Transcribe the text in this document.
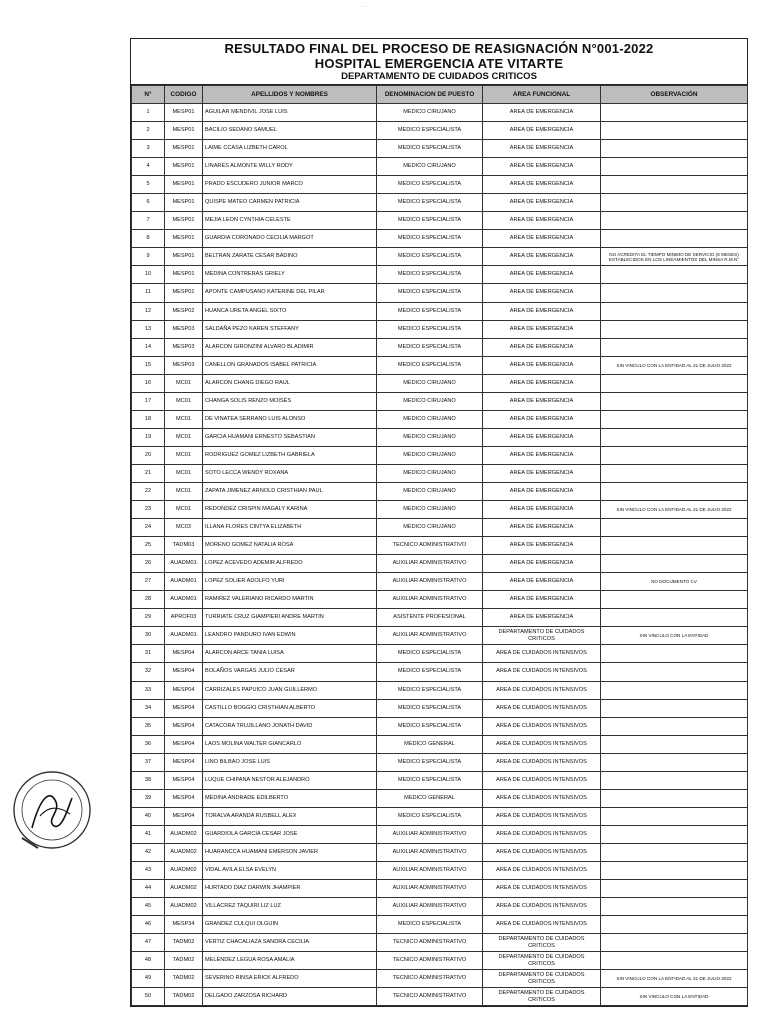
·····
RESULTADO FINAL DEL PROCESO DE REASIGNACIÓN N°001-2022
HOSPITAL EMERGENCIA ATE VITARTE
DEPARTAMENTO DE CUIDADOS CRITICOS
N°	CODIGO	APELLIDOS Y NOMBRES	DENOMINACION DE PUESTO	AREA FUNCIONAL	OBSERVACIÓN
1	MESP01	AGUILAR MENDIVIL JOSE LUIS	MEDICO CIRUJANO	AREA DE EMERGENCIA	
2	MESP01	BACILIO SEDANO SAMUEL	MEDICO ESPECIALISTA	AREA DE EMERGENCIA	
3	MESP01	LAIME CCASA LIZBETH CAROL	MEDICO ESPECIALISTA	AREA DE EMERGENCIA	
4	MESP01	LINARES ALMONTE WILLY RODY	MEDICO CIRUJANO	AREA DE EMERGENCIA	
5	MESP01	PRADO ESCUDERO JUNIOR MARCO	MEDICO ESPECIALISTA	AREA DE EMERGENCIA	
6	MESP01	QUISPE MATEO CARMEN PATRICIA	MEDICO ESPECIALISTA	AREA DE EMERGENCIA	
7	MESP01	MEJIA LEON CYNTHIA CELESTE	MEDICO ESPECIALISTA	AREA DE EMERGENCIA	
8	MESP01	GUARDIA CORONADO CECILIA MARGOT	MEDICO ESPECIALISTA	AREA DE EMERGENCIA	
9	MESP01	BELTRAN ZARATE CESAR BADINO	MEDICO ESPECIALISTA	AREA DE EMERGENCIA	NO ACREDITA EL TIEMPO MINIMO DE SERVICIO (6 MESES) ESTABLECIDOS EN LOS LINEAMIENTOS DEL MINSA R.M.N°
10	MESP01	MEDINA CONTRERAS GRIELY	MEDICO ESPECIALISTA	AREA DE EMERGENCIA	
11	MESP01	APONTE CAMPUSANO KATERINE DEL PILAR	MEDICO ESPECIALISTA	AREA DE EMERGENCIA	
12	MESP02	HUANCA URETA ANGEL SIXTO	MEDICO ESPECIALISTA	AREA DE EMERGENCIA	
13	MESP03	SALDAÑA PEZO KAREN STEFFANY	MEDICO ESPECIALISTA	AREA DE EMERGENCIA	
14	MESP03	ALARCON GIRONZINI ALVARO BLADIMIR	MEDICO ESPECIALISTA	AREA DE EMERGENCIA	
15	MESP03	CANELLON GRANADOS ISABEL PATRICIA	MEDICO ESPECIALISTA	AREA DE EMERGENCIA	SIN VINCULO CON LA ENTIDAD AL 31 DE JULIO 2022
16	MC01	ALARCON CHANG DIEGO RAUL	MEDICO CIRUJANO	AREA DE EMERGENCIA	
17	MC01	CHANGA SOLIS RENZO MOISÉS	MEDICO CIRUJANO	AREA DE EMERGENCIA	
18	MC01	DE VINATEA SERRANO LUIS ALONSO	MEDICO CIRUJANO	AREA DE EMERGENCIA	
19	MC01	GARCIA HUAMANI ERNESTO SEBASTIAN	MEDICO CIRUJANO	AREA DE EMERGENCIA	
20	MC01	RODRIGUEZ GOMEZ LIZBETH GABRIELA	MEDICO CIRUJANO	AREA DE EMERGENCIA	
21	MC01	SOTO LECCA WENDY ROXANA	MEDICO CIRUJANO	AREA DE EMERGENCIA	
22	MC01	ZAPATA JIMENEZ ARNOLD CRISTHIAN PAUL	MEDICO CIRUJANO	AREA DE EMERGENCIA	
23	MC01	REDONDEZ CRISPIN MAGALY KARINA	MEDICO CIRUJANO	AREA DE EMERGENCIA	SIN VINCULO CON LA ENTIDAD AL 31 DE JULIO 2022
24	MC03	ILLANA FLORES CINTYA ELIZABETH	MEDICO CIRUJANO	AREA DE EMERGENCIA	
25	TADM03	MORENO GOMEZ NATALIA ROSA	TECNICO ADMINISTRATIVO	AREA DE EMERGENCIA	
26	AUADM01	LOPEZ ACEVEDO ADEMIR ALFREDO	AUXILIAR ADMINISTRATIVO	AREA DE EMERGENCIA	
27	AUADM01	LOPEZ SOLIER ADOLFO YURI	AUXILIAR ADMINISTRATIVO	AREA DE EMERGENCIA	NO DOCUMENTO CV
28	AUADM01	RAMIREZ VALERIANO RICARDO MARTIN	AUXILIAR ADMINISTRATIVO	AREA DE EMERGENCIA	
29	APROF03	TURRIATE CRUZ GIAMPIERI ANDRE MARTIN	ASISTENTE PROFESIONAL	AREA DE EMERGENCIA	
30	AUADM01	LEANDRO PANDURO IVAN EDWIN	AUXILIAR ADMINISTRATIVO	DEPARTAMENTO DE CUIDADOS CRITICOS	SIN VINCULO CON LA ENTIDAD
31	MESP04	ALARCON ARCE TANIA LUISA	MEDICO ESPECIALISTA	AREA DE CUIDADOS INTENSIVOS	
32	MESP04	BOLAÑOS VARGAS JULIO CESAR	MEDICO ESPECIALISTA	AREA DE CUIDADOS INTENSIVOS	
33	MESP04	CARRIZALES PAPUICO JUAN GUILLERMO	MEDICO ESPECIALISTA	AREA DE CUIDADOS INTENSIVOS	
34	MESP04	CASTILLO BOGGIO CRISTHIAN ALBERTO	MEDICO ESPECIALISTA	AREA DE CUIDADOS INTENSIVOS	
35	MESP04	CATACORA TRUJILLANO JONATH DAVID	MEDICO ESPECIALISTA	AREA DE CUIDADOS INTENSIVOS	
36	MESP04	LAOS MOLINA WALTER GIANCARLO	MEDICO GENERAL	AREA DE CUIDADOS INTENSIVOS	
37	MESP04	LINO BILBAO JOSE LUIS	MEDICO ESPECIALISTA	AREA DE CUIDADOS INTENSIVOS	
38	MESP04	LUQUE CHIPANA NESTOR ALEJANDRO	MEDICO ESPECIALISTA	AREA DE CUIDADOS INTENSIVOS	
39	MESP04	MEDINA ANDRADE EDILBERTO	MEDICO GENERAL	AREA DE CUIDADOS INTENSIVOS	
40	MESP04	TORALVA ARANDA RUSBELL ALEX	MEDICO ESPECIALISTA	AREA DE CUIDADOS INTENSIVOS	
41	AUADM02	GUARDIOLA GARCIA CESAR JOSE	AUXILIAR ADMINISTRATIVO	AREA DE CUIDADOS INTENSIVOS	
42	AUADM02	HUARANCCA HUAMANI EMERSON JAVIER	AUXILIAR ADMINISTRATIVO	AREA DE CUIDADOS INTENSIVOS	
43	AUADM02	VIDAL AVILA ELSA EVELYN	AUXILIAR ADMINISTRATIVO	AREA DE CUIDADOS INTENSIVOS	
44	AUADM02	HURTADO DIAZ DARWIN JHAMPIER	AUXILIAR ADMINISTRATIVO	AREA DE CUIDADOS INTENSIVOS	
45	AUADM02	VILLACREZ TAQUIRI LIZ LUZ	AUXILIAR ADMINISTRATIVO	AREA DE CUIDADOS INTENSIVOS	
46	MESP34	GRANDEZ CULQUI OLGUIN	MEDICO ESPECIALISTA	AREA DE CUIDADOS INTENSIVOS	
47	TADM02	VERTIZ CHACALIAZA SANDRA CECILIA	TECNICO ADMINISTRATIVO	DEPARTAMENTO DE CUIDADOS CRITICOS	
48	TADM02	MELENDEZ LEGUA ROSA AMALIA	TECNICO ADMINISTRATIVO	DEPARTAMENTO DE CUIDADOS CRITICOS	
49	TADM02	SEVERINO RINSA ERICK ALFREDO	TECNICO ADMINISTRATIVO	DEPARTAMENTO DE CUIDADOS CRITICOS	SIN VINCULO CON LA ENTIDAD AL 31 DE JULIO 2022
50	TADM02	DELGADO ZARZOSA RICHARD	TECNICO ADMINISTRATIVO	DEPARTAMENTO DE CUIDADOS CRITICOS	SIN VINCULO CON LA ENTIDAD
